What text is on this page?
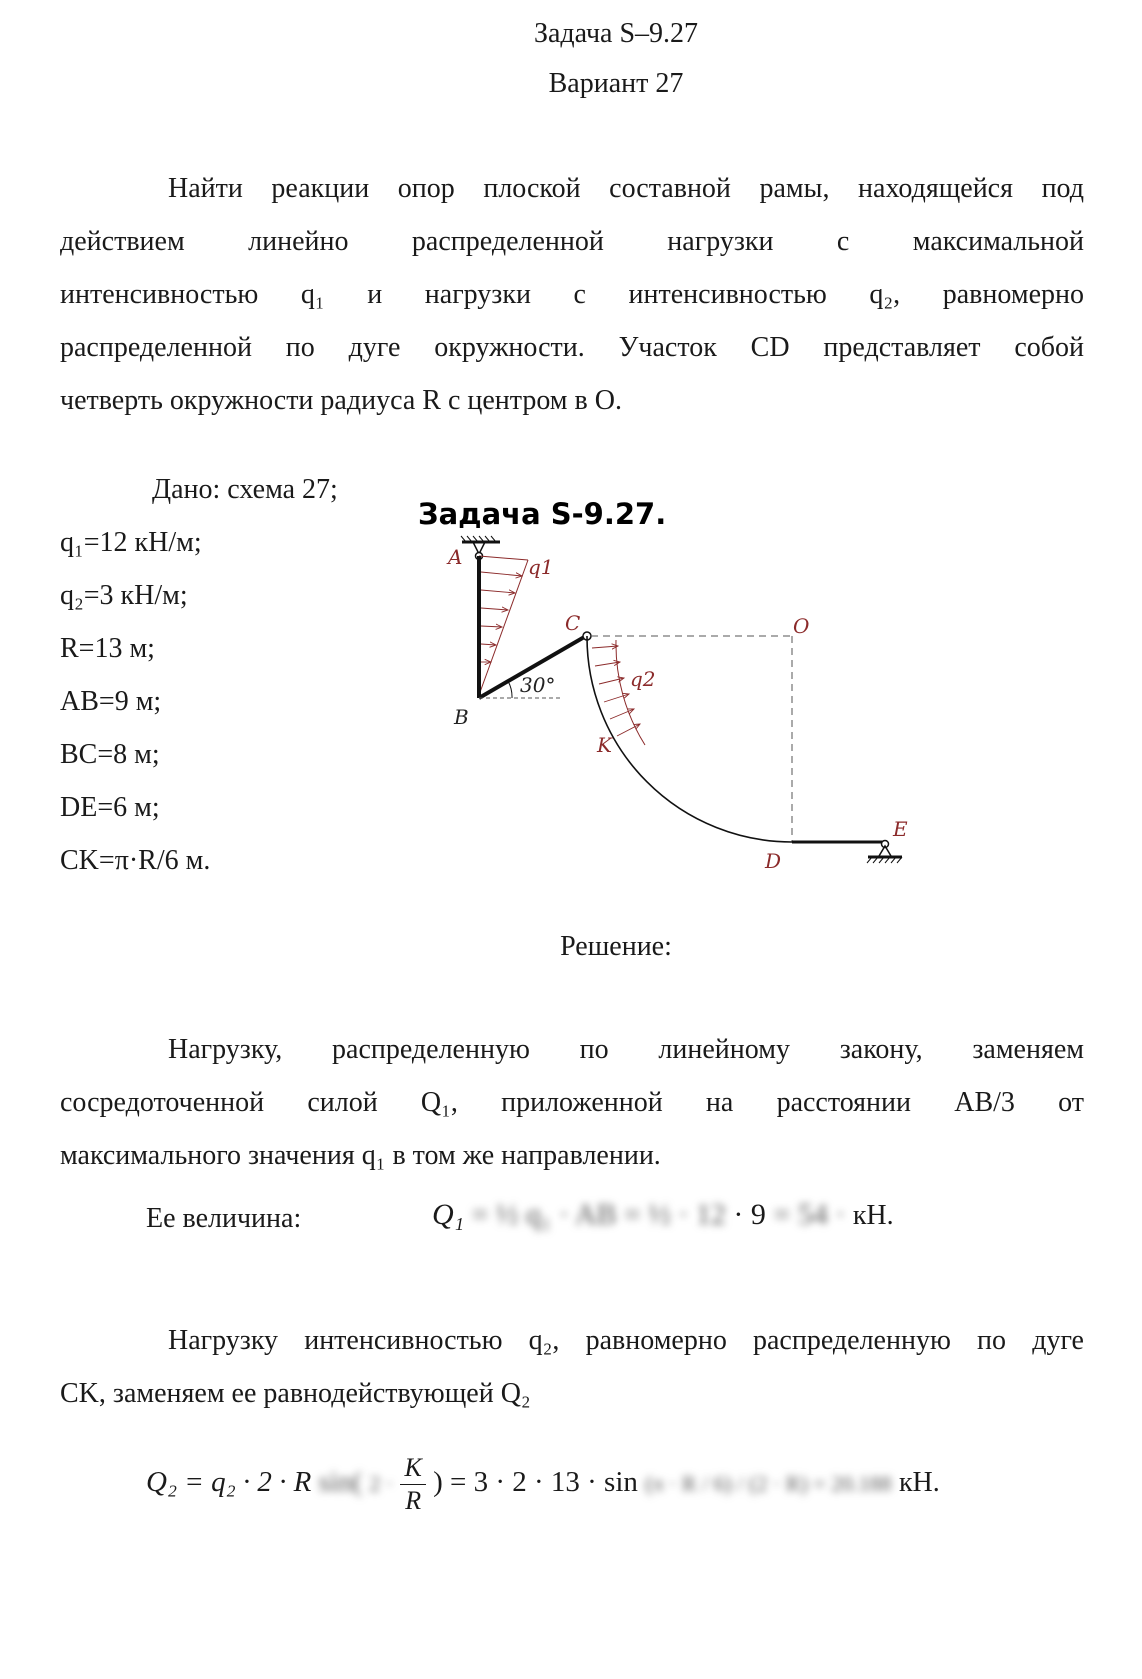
Задача S–9.27
Вариант 27
Найти реакции опор плоской составной рамы, находящейся под
действием линейно распределенной нагрузки с максимальной
интенсивностью q₁ и нагрузки с интенсивностью q₂, равномерно
распределенной по дуге окружности. Участок CD представляет собой
четверть окружности радиуса R с центром в O.
Дано: схема 27;
q₁=12 кН/м;
q₂=3 кН/м;
R=13 м;
AB=9 м;
BC=8 м;
DE=6 м;
CK=π·R/6 м.
Задача S-9.27.
A	q1
B
30°
C	O
q2
K
D
E
Решение:
Нагрузку, распределенную по линейному закону, заменяем
сосредоточенной силой Q₁, приложенной на расстоянии AB/3 от
максимального значения q₁ в том же направлении.
Ее величина:	Q₁ = ½ q₁ · AB = ½ · 12 · 9 = 54 · кН.
Нагрузку интенсивностью q₂, равномерно распределенную по дуге
CK, заменяем ее равнодействующей Q₂
Q₂ = q₂ · 2 · R sin( $2 \cdot \frac{K}{R}$ ) = 3 · 2 · 13 · sin (π · R / 6) / (2 · R) = 20.188 кН.
